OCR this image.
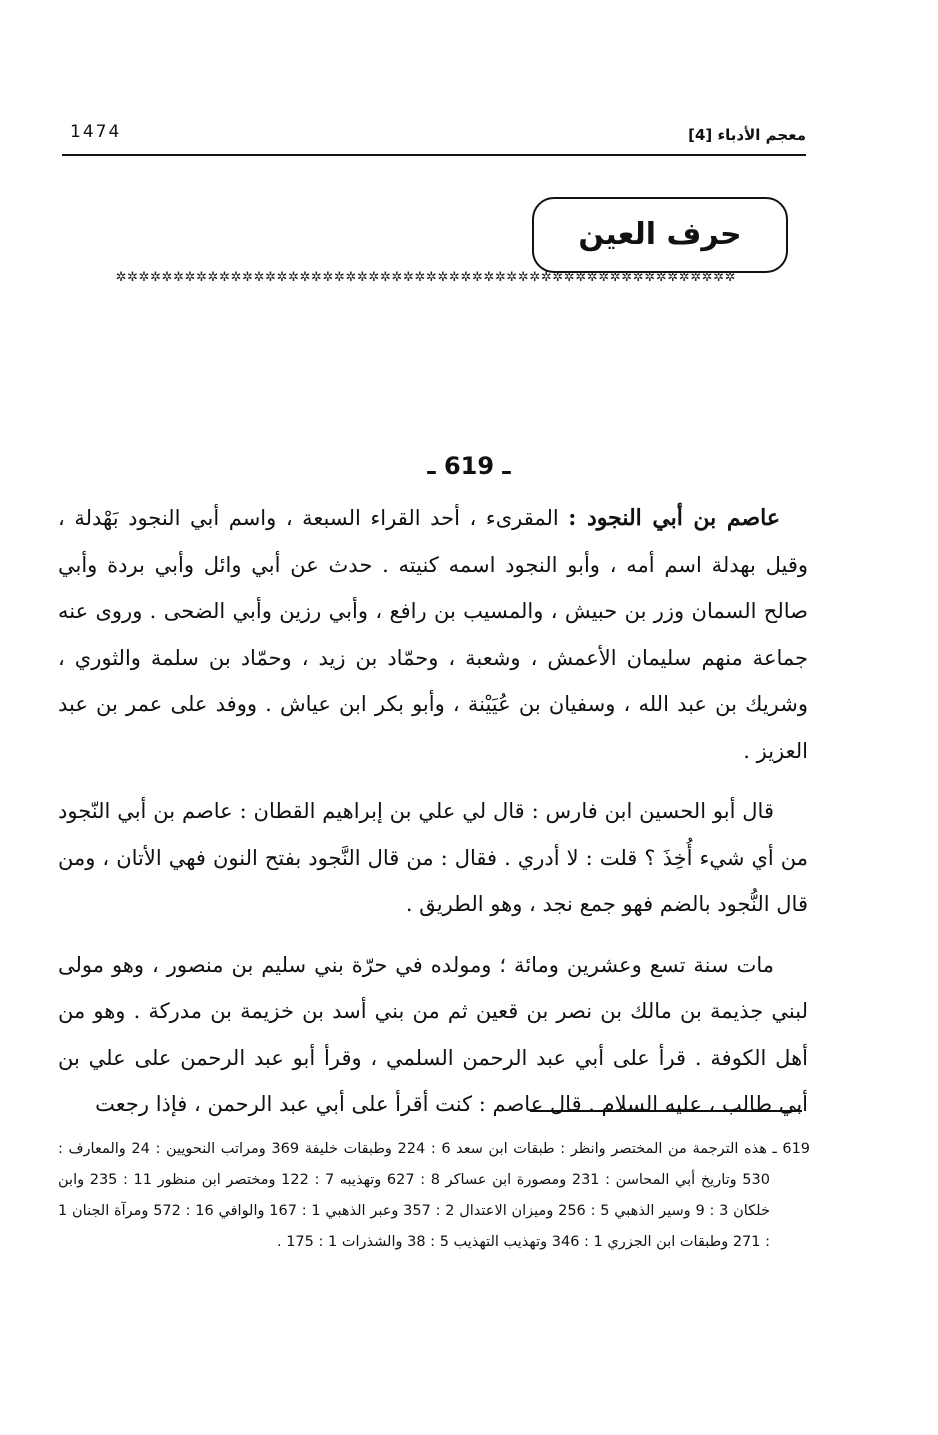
معجم الأدباء [4]
1474
حرف العين
✲✲✲✲✲✲✲✲✲✲✲✲✲✲✲✲✲✲✲✲✲✲✲✲✲✲✲✲✲✲✲✲✲✲✲✲✲✲✲✲✲✲✲✲✲✲✲✲✲✲✲✲✲✲
ـ 619 ـ

عاصم بن أبي النجود : المقرىء ، أحد القراء السبعة ، واسم أبي النجود بَهْدلة ، وقيل بهدلة اسم أمه ، وأبو النجود اسمه كنيته . حدث عن أبي وائل وأبي بردة وأبي صالح السمان وزر بن حبيش ، والمسيب بن رافع ، وأبي رزين وأبي الضحى . وروى عنه جماعة منهم سليمان الأعمش ، وشعبة ، وحمّاد بن زيد ، وحمّاد بن سلمة والثوري ، وشريك بن عبد الله ، وسفيان بن عُيَيْنة ، وأبو بكر ابن عياش . ووفد على عمر بن عبد العزيز .

قال أبو الحسين ابن فارس : قال لي علي بن إبراهيم القطان : عاصم بن أبي النّجود من أي شيء أُخِذَ ؟ قلت : لا أدري . فقال : من قال النَّجود بفتح النون فهي الأتان ، ومن قال النُّجود بالضم فهو جمع نجد ، وهو الطريق .

مات سنة تسع وعشرين ومائة ؛ ومولده في حرّة بني سليم بن منصور ، وهو مولى لبني جذيمة بن مالك بن نصر بن قعين ثم من بني أسد بن خزيمة بن مدركة . وهو من أهل الكوفة . قرأ على أبي عبد الرحمن السلمي ، وقرأ أبو عبد الرحمن على علي بن أبي طالب ، عليه السلام . قال عاصم : كنت أقرأ على أبي عبد الرحمن ، فإذا رجعت

619 ـ هذه الترجمة من المختصر وانظر : طبقات ابن سعد 6 : 224 وطبقات خليفة 369 ومراتب النحويين : 24 والمعارف : 530 وتاريخ أبي المحاسن : 231 ومصورة ابن عساكر 8 : 627 وتهذيبه 7 : 122 ومختصر ابن منظور 11 : 235 وابن خلكان 3 : 9 وسير الذهبي 5 : 256 وميزان الاعتدال 2 : 357 وعبر الذهبي 1 : 167 والوافي 16 : 572 ومرآة الجنان 1 : 271 وطبقات ابن الجزري 1 : 346 وتهذيب التهذيب 5 : 38 والشذرات 1 : 175 .
